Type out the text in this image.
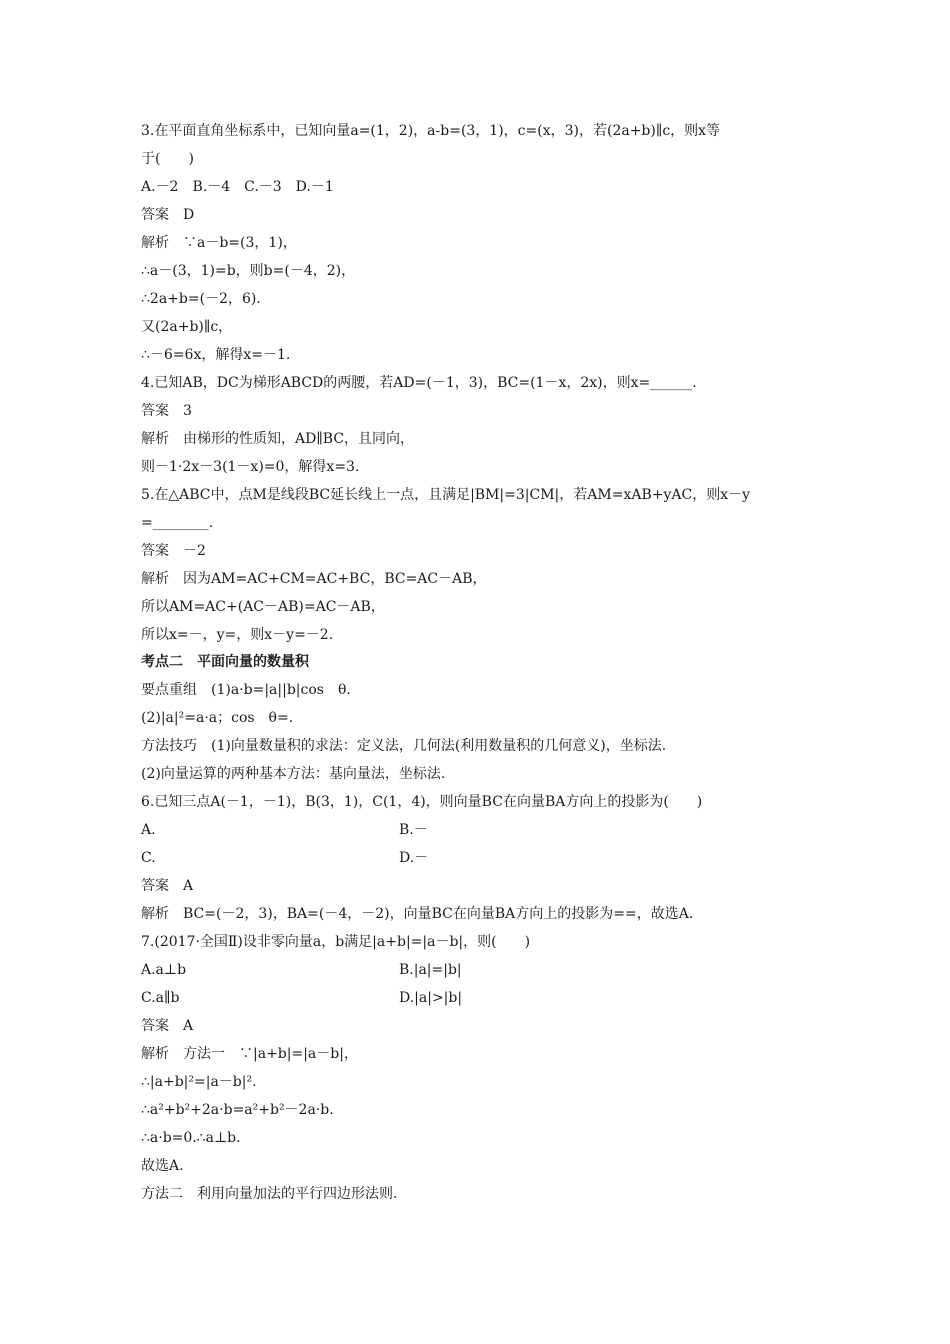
3.在平面直角坐标系中，已知向量a=(1，2)，a-b=(3，1)，c=(x，3)，若(2a+b)∥c，则x等
于(　　)
A.－2　B.－4　C.－3　D.－1
答案　D
解析　∵a－b=(3，1)，
∴a－(3，1)=b，则b=(－4，2)，
∴2a+b=(－2，6).
又(2a+b)∥c，
∴－6=6x，解得x=－1.
4.已知AB，DC为梯形ABCD的两腰，若AD=(－1，3)，BC=(1－x，2x)，则x=______.
答案　3
解析　由梯形的性质知，AD∥BC，且同向，
则－1·2x－3(1－x)=0，解得x=3.
5.在△ABC中，点M是线段BC延长线上一点，且满足|BM|=3|CM|，若AM=xAB+yAC，则x－y
=________.
答案　－2
解析　因为AM=AC+CM=AC+BC，BC=AC－AB，
所以AM=AC+(AC－AB)=AC－AB，
所以x=－，y=，则x－y=－2.
考点二　平面向量的数量积
要点重组　(1)a·b=|a||b|cos　θ.
(2)|a|²=a·a；cos　θ=.
方法技巧　(1)向量数量积的求法：定义法，几何法(利用数量积的几何意义)，坐标法.
(2)向量运算的两种基本方法：基向量法，坐标法.
6.已知三点A(－1，－1)，B(3，1)，C(1，4)，则向量BC在向量BA方向上的投影为(　　)
A.	B.－
C.	D.－
答案　A
解析　BC=(－2，3)，BA=(－4，－2)，向量BC在向量BA方向上的投影为==，故选A.
7.(2017·全国Ⅱ)设非零向量a，b满足|a+b|=|a－b|，则(　　)
A.a⊥b	B.|a|=|b|
C.a∥b	D.|a|>|b|
答案　A
解析　方法一　∵|a+b|=|a－b|，
∴|a+b|²=|a－b|².
∴a²+b²+2a·b=a²+b²－2a·b.
∴a·b=0.∴a⊥b.
故选A.
方法二　利用向量加法的平行四边形法则.
